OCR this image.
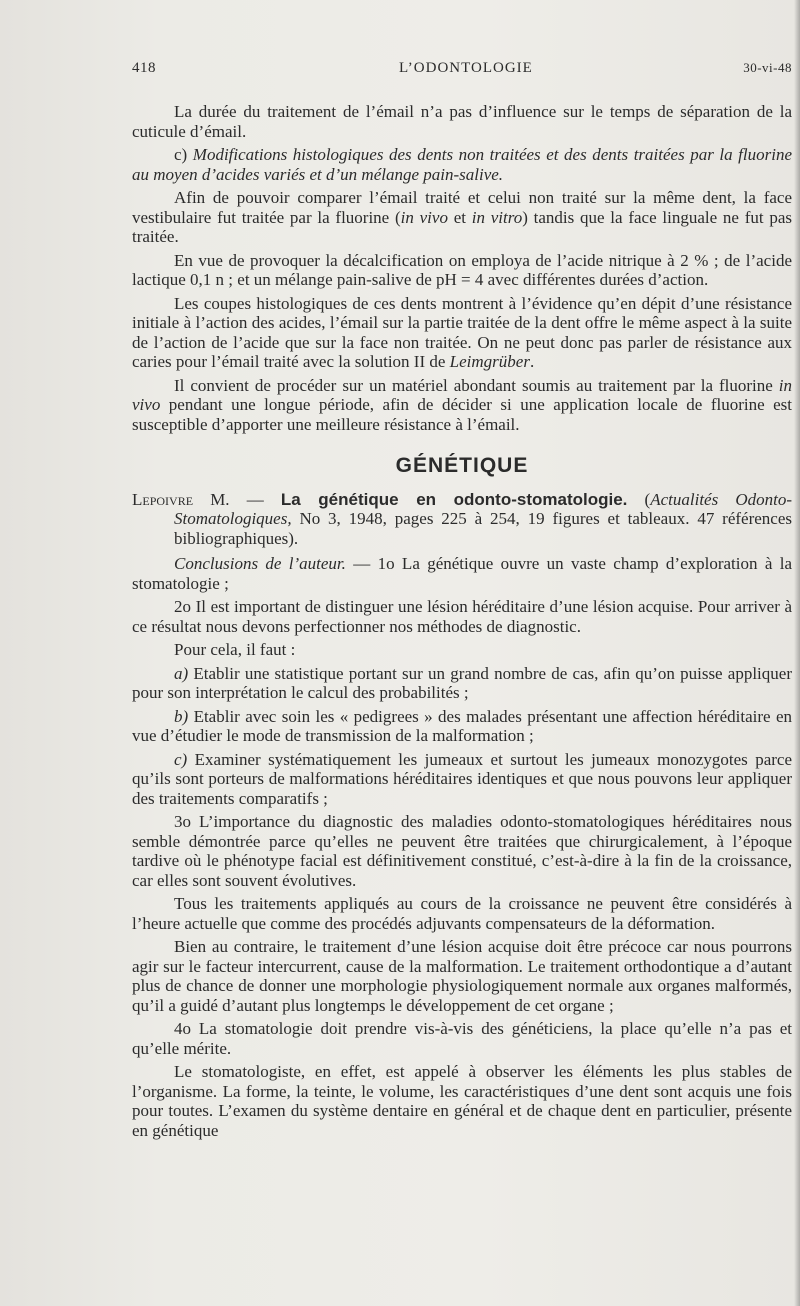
418	L’ODONTOLOGIE	30-vi-48

La durée du traitement de l’émail n’a pas d’influence sur le temps de séparation de la cuticule d’émail.

c) Modifications histologiques des dents non traitées et des dents traitées par la fluorine au moyen d’acides variés et d’un mélange pain-salive.

Afin de pouvoir comparer l’émail traité et celui non traité sur la même dent, la face vestibulaire fut traitée par la fluorine (in vivo et in vitro) tandis que la face linguale ne fut pas traitée.

En vue de provoquer la décalcification on employa de l’acide nitrique à 2 % ; de l’acide lactique 0,1 n ; et un mélange pain-salive de pH = 4 avec différentes durées d’action.

Les coupes histologiques de ces dents montrent à l’évidence qu’en dépit d’une résistance initiale à l’action des acides, l’émail sur la partie traitée de la dent offre le même aspect à la suite de l’action de l’acide que sur la face non traitée. On ne peut donc pas parler de résistance aux caries pour l’émail traité avec la solution II de Leimgrüber.

Il convient de procéder sur un matériel abondant soumis au traitement par la fluorine in vivo pendant une longue période, afin de décider si une application locale de fluorine est susceptible d’apporter une meilleure résistance à l’émail.

GÉNÉTIQUE

Lepoivre M. — La génétique en odonto-stomatologie. (Actualités Odonto-Stomatologiques, No 3, 1948, pages 225 à 254, 19 figures et tableaux. 47 références bibliographiques).

Conclusions de l’auteur. — 1o La génétique ouvre un vaste champ d’exploration à la stomatologie ;

2o Il est important de distinguer une lésion héréditaire d’une lésion acquise. Pour arriver à ce résultat nous devons perfectionner nos méthodes de diagnostic.

Pour cela, il faut :

a) Etablir une statistique portant sur un grand nombre de cas, afin qu’on puisse appliquer pour son interprétation le calcul des probabilités ;

b) Etablir avec soin les « pedigrees » des malades présentant une affection héréditaire en vue d’étudier le mode de transmission de la malformation ;

c) Examiner systématiquement les jumeaux et surtout les jumeaux monozygotes parce qu’ils sont porteurs de malformations héréditaires identiques et que nous pouvons leur appliquer des traitements comparatifs ;

3o L’importance du diagnostic des maladies odonto-stomatologiques héréditaires nous semble démontrée parce qu’elles ne peuvent être traitées que chirurgicalement, à l’époque tardive où le phénotype facial est définitivement constitué, c’est-à-dire à la fin de la croissance, car elles sont souvent évolutives.

Tous les traitements appliqués au cours de la croissance ne peuvent être considérés à l’heure actuelle que comme des procédés adjuvants compensateurs de la déformation.

Bien au contraire, le traitement d’une lésion acquise doit être précoce car nous pourrons agir sur le facteur intercurrent, cause de la malformation. Le traitement orthodontique a d’autant plus de chance de donner une morphologie physiologiquement normale aux organes malformés, qu’il a guidé d’autant plus longtemps le développement de cet organe ;

4o La stomatologie doit prendre vis-à-vis des généticiens, la place qu’elle n’a pas et qu’elle mérite.

Le stomatologiste, en effet, est appelé à observer les éléments les plus stables de l’organisme. La forme, la teinte, le volume, les caractéristiques d’une dent sont acquis une fois pour toutes. L’examen du système dentaire en général et de chaque dent en particulier, présente en génétique
